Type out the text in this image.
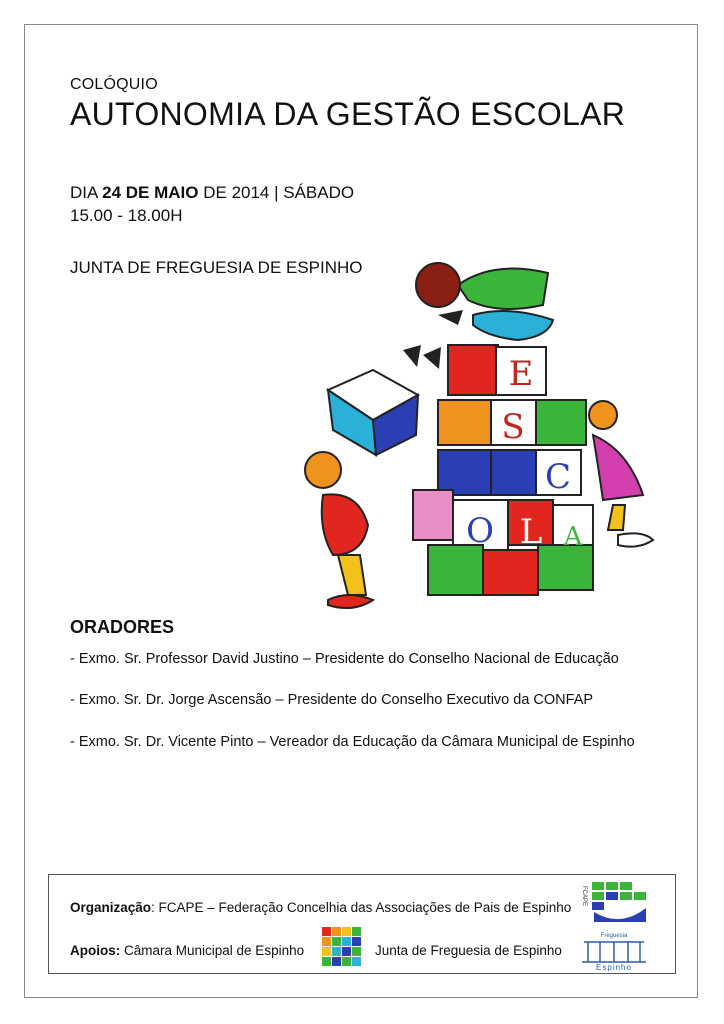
COLÓQUIO
AUTONOMIA DA GESTÃO ESCOLAR
DIA 24 DE MAIO DE 2014 | SÁBADO
15.00 - 18.00H
JUNTA DE FREGUESIA DE ESPINHO
E
S
C
O L A
ORADORES
- Exmo. Sr. Professor David Justino – Presidente do Conselho Nacional de Educação
- Exmo. Sr. Dr. Jorge Ascensão – Presidente do Conselho Executivo da CONFAP
- Exmo. Sr. Dr. Vicente Pinto – Vereador da Educação da Câmara Municipal de Espinho
Organização: FCAPE – Federação Concelhia das Associações de Pais de Espinho
Apoios: Câmara Municipal de Espinho	Junta de Freguesia de Espinho
FCAPE
Freguesia
Espinho
